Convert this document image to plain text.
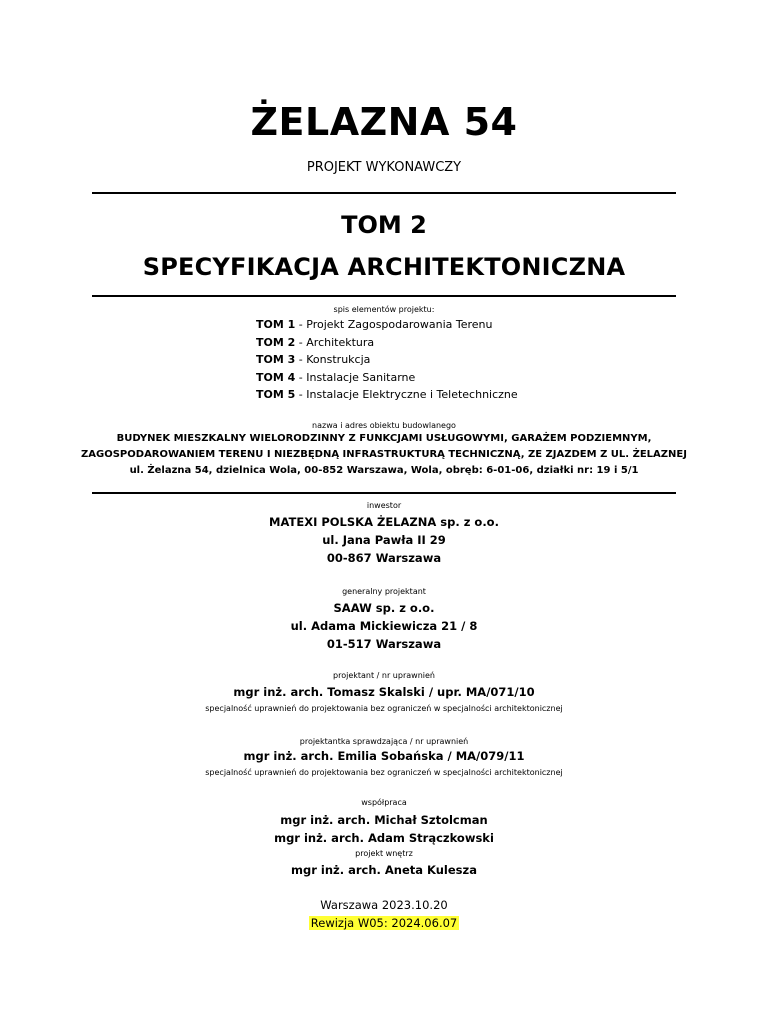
ŻELAZNA 54
PROJEKT WYKONAWCZY
TOM 2
SPECYFIKACJA ARCHITEKTONICZNA
spis elementów projektu:
TOM 1 - Projekt Zagospodarowania Terenu
TOM 2 - Architektura
TOM 3 - Konstrukcja
TOM 4 - Instalacje Sanitarne
TOM 5 - Instalacje Elektryczne i Teletechniczne
nazwa i adres obiektu budowlanego
BUDYNEK MIESZKALNY WIELORODZINNY Z FUNKCJAMI USŁUGOWYMI, GARAŻEM PODZIEMNYM,
ZAGOSPODAROWANIEM TERENU I NIEZBĘDNĄ INFRASTRUKTURĄ TECHNICZNĄ, ZE ZJAZDEM Z UL. ŻELAZNEJ
ul. Żelazna 54, dzielnica Wola, 00-852 Warszawa, Wola, obręb: 6-01-06, działki nr: 19 i 5/1
inwestor
MATEXI POLSKA ŻELAZNA sp. z o.o.
ul. Jana Pawła II 29
00-867 Warszawa
generalny projektant
SAAW sp. z o.o.
ul. Adama Mickiewicza 21 / 8
01-517 Warszawa
projektant / nr uprawnień
mgr inż. arch. Tomasz Skalski / upr. MA/071/10
specjalność uprawnień do projektowania bez ograniczeń w specjalności architektonicznej
projektantka sprawdzająca / nr uprawnień
mgr inż. arch. Emilia Sobańska / MA/079/11
specjalność uprawnień do projektowania bez ograniczeń w specjalności architektonicznej
współpraca
mgr inż. arch. Michał Sztolcman
mgr inż. arch. Adam Strączkowski
projekt wnętrz
mgr inż. arch. Aneta Kulesza
Warszawa 2023.10.20
Rewizja W05: 2024.06.07
